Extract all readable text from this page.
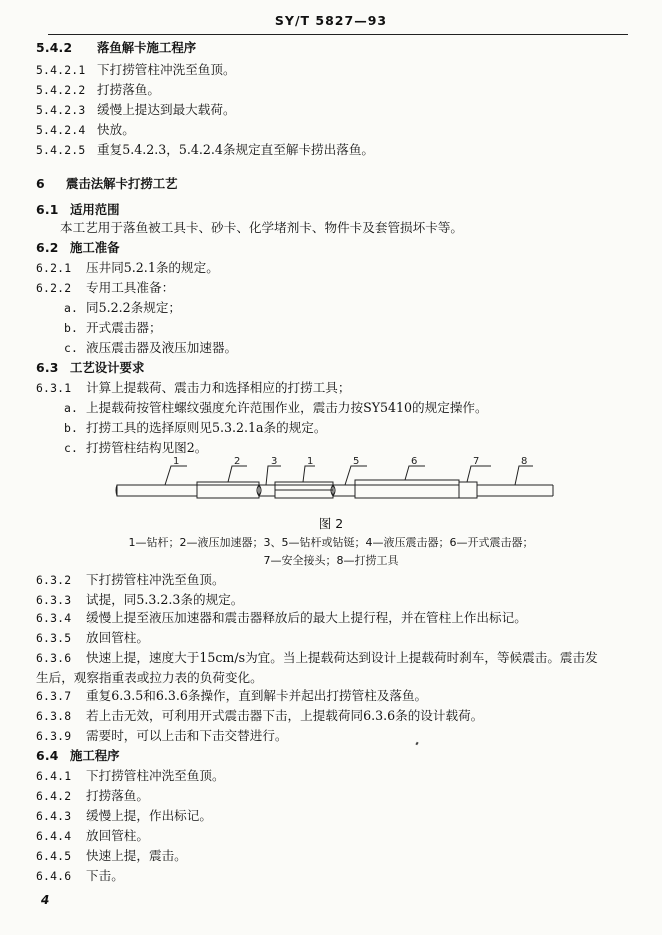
SY/T 5827—93
5.4.2 落鱼解卡施工程序
5.4.2.1 下打捞管柱冲洗至鱼顶。
5.4.2.2 打捞落鱼。
5.4.2.3 缓慢上提达到最大载荷。
5.4.2.4 快放。
5.4.2.5 重复5.4.2.3，5.4.2.4条规定直至解卡捞出落鱼。
6 震击法解卡打捞工艺
6.1 适用范围
本工艺用于落鱼被工具卡、砂卡、化学堵剂卡、物件卡及套管损坏卡等。
6.2 施工准备
6.2.1 压井同5.2.1条的规定。
6.2.2 专用工具准备：
a. 同5.2.2条规定；
b. 开式震击器；
c. 液压震击器及液压加速器。
6.3 工艺设计要求
6.3.1 计算上提载荷、震击力和选择相应的打捞工具；
a. 上提载荷按管柱螺纹强度允许范围作业，震击力按SY5410的规定操作。
b. 打捞工具的选择原则见5.3.2.1a条的规定。
c. 打捞管柱结构见图2。
6.3.2 下打捞管柱冲洗至鱼顶。
6.3.3 试提，同5.3.2.3条的规定。
6.3.4 缓慢上提至液压加速器和震击器释放后的最大上提行程，并在管柱上作出标记。
6.3.5 放回管柱。
6.3.6 快速上提，速度大于15cm/s为宜。当上提载荷达到设计上提载荷时刹车，等候震击。震击发
生后，观察指重表或拉力表的负荷变化。
6.3.7 重复6.3.5和6.3.6条操作，直到解卡并起出打捞管柱及落鱼。
6.3.8 若上击无效，可利用开式震击器下击，上提载荷同6.3.6条的设计载荷。
6.3.9 需要时，可以上击和下击交替进行。
6.4 施工程序
6.4.1 下打捞管柱冲洗至鱼顶。
6.4.2 打捞落鱼。
6.4.3 缓慢上提，作出标记。
6.4.4 放回管柱。
6.4.5 快速上提，震击。
6.4.6 下击。
1	2	3	1	5	6	7	8
图 2
1—钻杆；2—液压加速器；3、5—钻杆或钻铤；4—液压震击器；6—开式震击器；
7—安全接头；8—打捞工具
4
